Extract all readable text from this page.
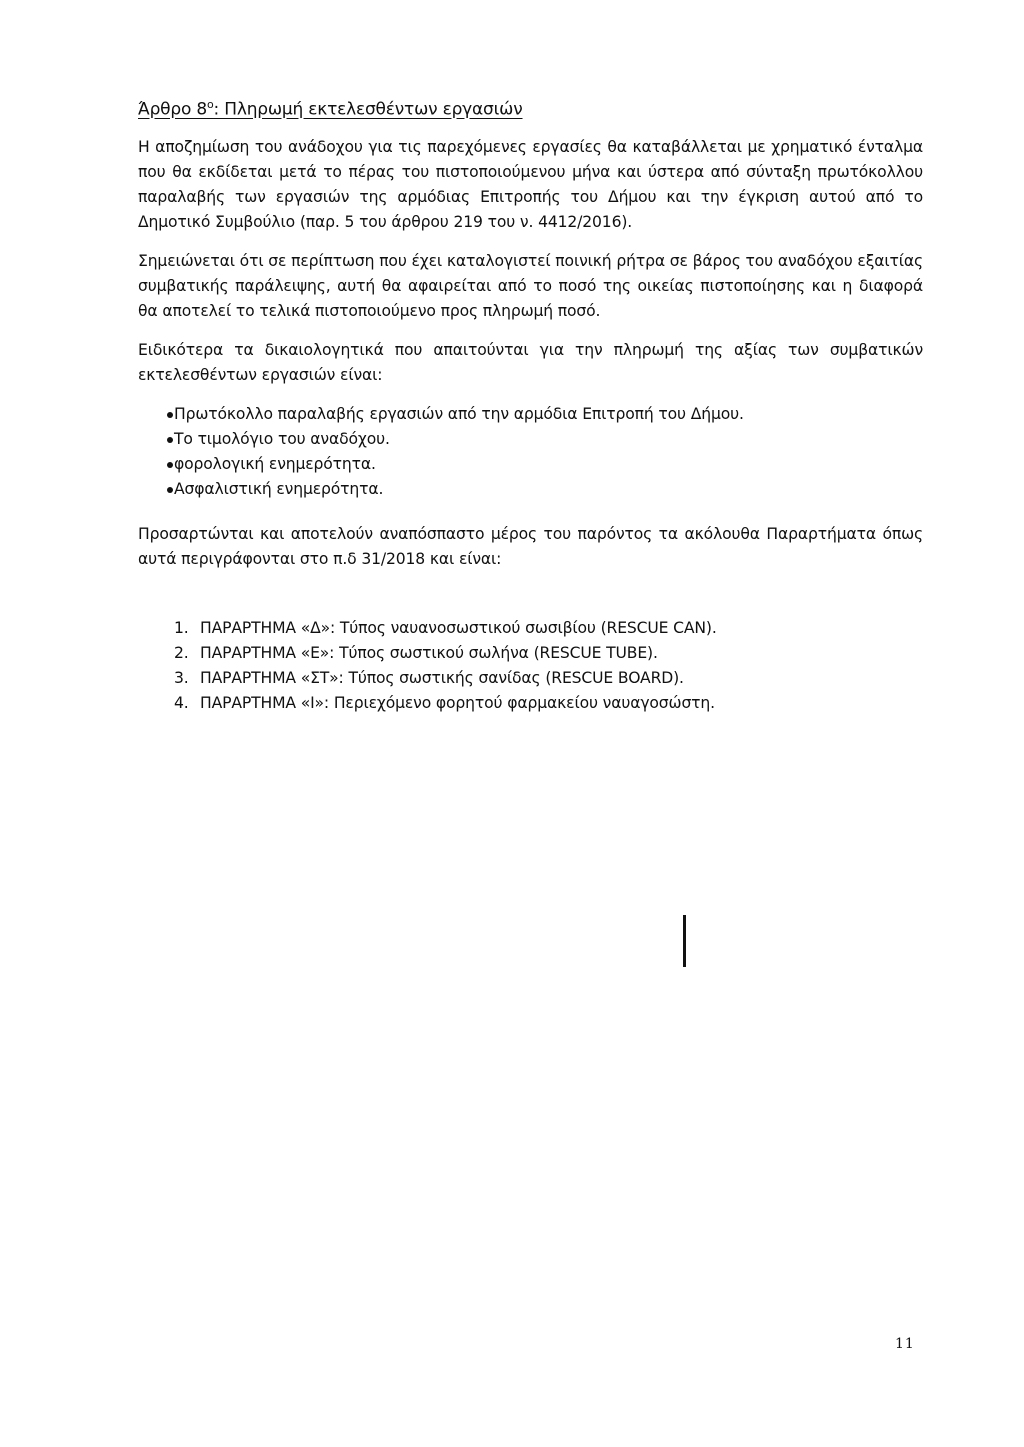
Άρθρο $8^o$: Πληρωμή εκτελεσθέντων εργασιών

Η αποζημίωση του ανάδοχου για τις παρεχόμενες εργασίες θα καταβάλλεται με χρηματικό ένταλμα που θα εκδίδεται μετά το πέρας του πιστοποιούμενου μήνα και ύστερα από σύνταξη πρωτόκολλου παραλαβής των εργασιών της αρμόδιας Επιτροπής του Δήμου και την έγκριση αυτού από το Δημοτικό Συμβούλιο (παρ. 5 του άρθρου 219 του ν. 4412/2016).

Σημειώνεται ότι σε περίπτωση που έχει καταλογιστεί ποινική ρήτρα σε βάρος του αναδόχου εξαιτίας συμβατικής παράλειψης, αυτή θα αφαιρείται από το ποσό της οικείας πιστοποίησης και η διαφορά θα αποτελεί το τελικά πιστοποιούμενο προς πληρωμή ποσό.

Ειδικότερα τα δικαιολογητικά που απαιτούνται για την πληρωμή της αξίας των συμβατικών εκτελεσθέντων εργασιών είναι:

Πρωτόκολλο παραλαβής εργασιών από την αρμόδια Επιτροπή του Δήμου.
Το τιμολόγιο του αναδόχου.
φορολογική ενημερότητα.
Ασφαλιστική ενημερότητα.

Προσαρτώνται και αποτελούν αναπόσπαστο μέρος του παρόντος τα ακόλουθα Παραρτήματα όπως αυτά περιγράφονται στο π.δ 31/2018 και είναι:

1. ΠΑΡΑΡΤΗΜΑ «Δ»: Τύπος ναυανοσωστικού σωσιβίου (RESCUE CAN).
2. ΠΑΡΑΡΤΗΜΑ «Ε»: Τύπος σωστικού σωλήνα (RESCUE TUBE).
3. ΠΑΡΑΡΤΗΜΑ «ΣΤ»: Τύπος σωστικής σανίδας (RESCUE BOARD).
4. ΠΑΡΑΡΤΗΜΑ «Ι»: Περιεχόμενο φορητού φαρμακείου ναυαγοσώστη.
11
